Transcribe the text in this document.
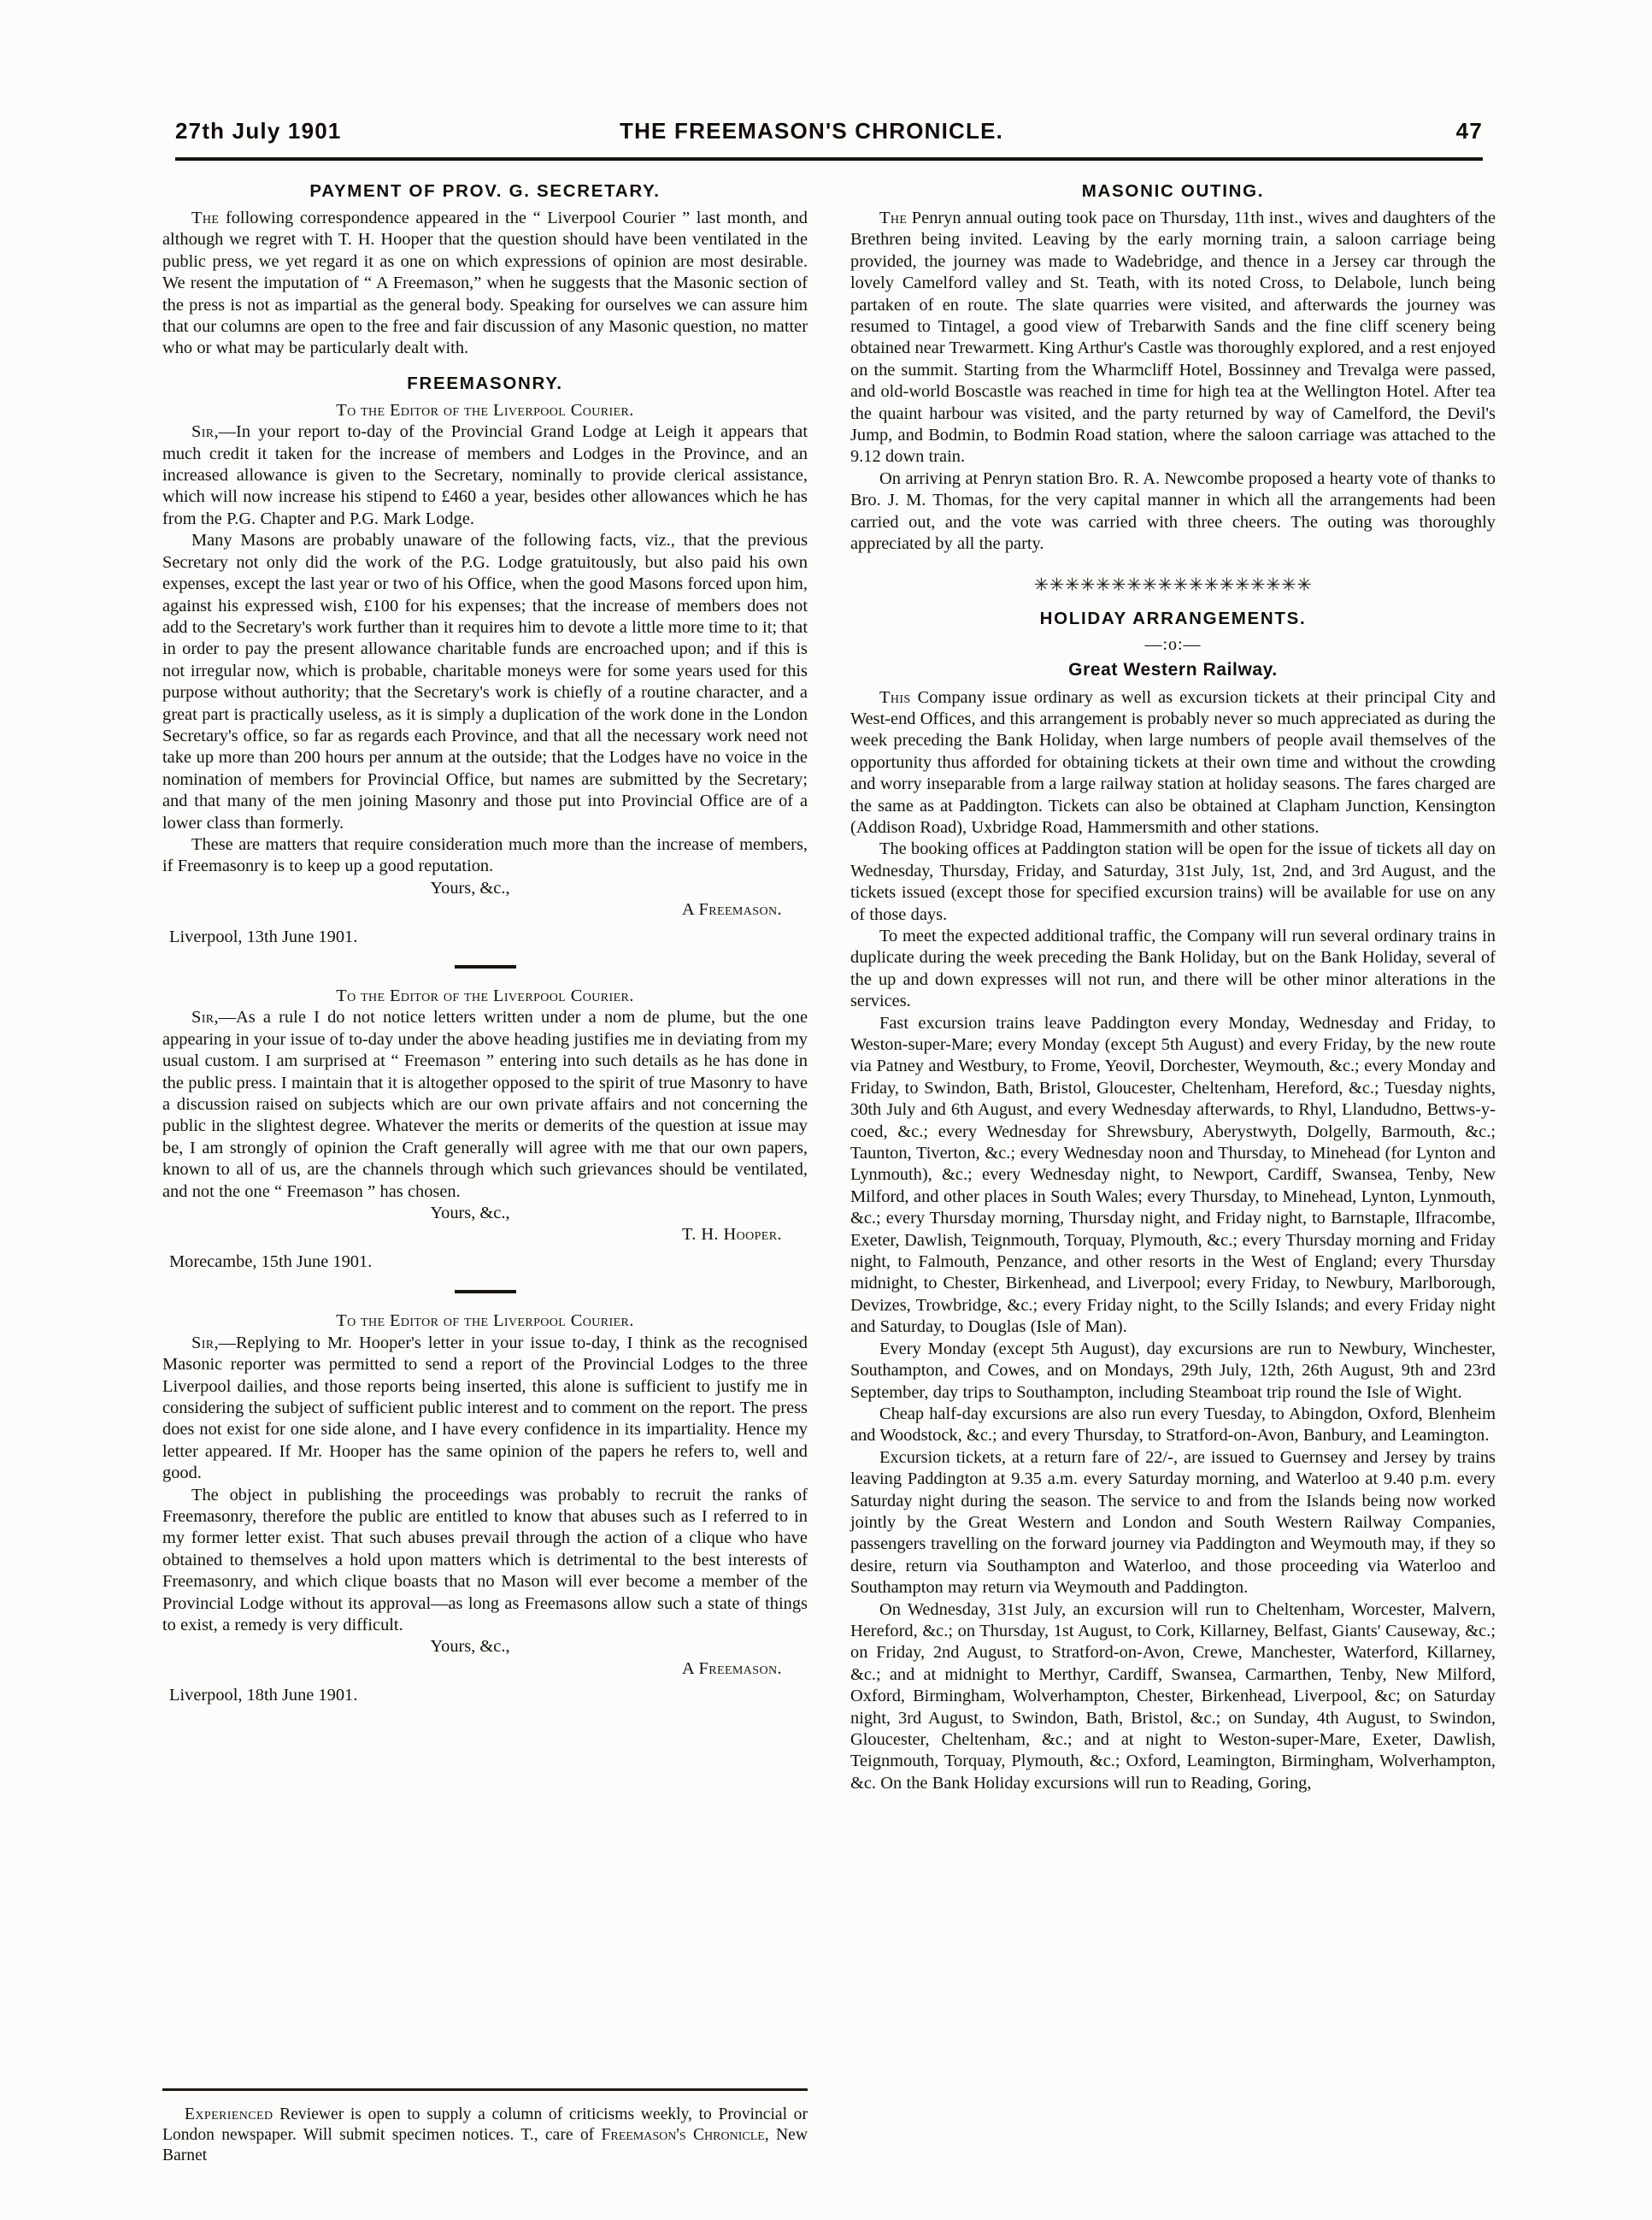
27th July 1901	THE FREEMASON'S CHRONICLE.	47
PAYMENT OF PROV. G. SECRETARY.

The following correspondence appeared in the “ Liverpool Courier ” last month, and although we regret with T. H. Hooper that the question should have been ventilated in the public press, we yet regard it as one on which expressions of opinion are most desirable. We resent the imputation of “ A Freemason,” when he suggests that the Masonic section of the press is not as impartial as the general body. Speaking for ourselves we can assure him that our columns are open to the free and fair discussion of any Masonic question, no matter who or what may be particularly dealt with.

FREEMASONRY.

To the Editor of the Liverpool Courier.

Sir,—In your report to-day of the Provincial Grand Lodge at Leigh it appears that much credit it taken for the increase of members and Lodges in the Province, and an increased allowance is given to the Secretary, nominally to provide clerical assistance, which will now increase his stipend to £460 a year, besides other allowances which he has from the P.G. Chapter and P.G. Mark Lodge.

Many Masons are probably unaware of the following facts, viz., that the previous Secretary not only did the work of the P.G. Lodge gratuitously, but also paid his own expenses, except the last year or two of his Office, when the good Masons forced upon him, against his expressed wish, £100 for his expenses; that the increase of members does not add to the Secretary's work further than it requires him to devote a little more time to it; that in order to pay the present allowance charitable funds are encroached upon; and if this is not irregular now, which is probable, charitable moneys were for some years used for this purpose without authority; that the Secretary's work is chiefly of a routine character, and a great part is practically useless, as it is simply a duplication of the work done in the London Secretary's office, so far as regards each Province, and that all the necessary work need not take up more than 200 hours per annum at the outside; that the Lodges have no voice in the nomination of members for Provincial Office, but names are submitted by the Secretary; and that many of the men joining Masonry and those put into Provincial Office are of a lower class than formerly.

These are matters that require consideration much more than the increase of members, if Freemasonry is to keep up a good reputation.

Yours, &c.,
A Freemason.

Liverpool, 13th June 1901.

To the Editor of the Liverpool Courier.

Sir,—As a rule I do not notice letters written under a nom de plume, but the one appearing in your issue of to-day under the above heading justifies me in deviating from my usual custom. I am surprised at “ Freemason ” entering into such details as he has done in the public press. I maintain that it is altogether opposed to the spirit of true Masonry to have a discussion raised on subjects which are our own private affairs and not concerning the public in the slightest degree. Whatever the merits or demerits of the question at issue may be, I am strongly of opinion the Craft generally will agree with me that our own papers, known to all of us, are the channels through which such grievances should be ventilated, and not the one “ Freemason ” has chosen.

Yours, &c.,
T. H. Hooper.

Morecambe, 15th June 1901.

To the Editor of the Liverpool Courier.

Sir,—Replying to Mr. Hooper's letter in your issue to-day, I think as the recognised Masonic reporter was permitted to send a report of the Provincial Lodges to the three Liverpool dailies, and those reports being inserted, this alone is sufficient to justify me in considering the subject of sufficient public interest and to comment on the report. The press does not exist for one side alone, and I have every confidence in its impartiality. Hence my letter appeared. If Mr. Hooper has the same opinion of the papers he refers to, well and good.

The object in publishing the proceedings was probably to recruit the ranks of Freemasonry, therefore the public are entitled to know that abuses such as I referred to in my former letter exist. That such abuses prevail through the action of a clique who have obtained to themselves a hold upon matters which is detrimental to the best interests of Freemasonry, and which clique boasts that no Mason will ever become a member of the Provincial Lodge without its approval—as long as Freemasons allow such a state of things to exist, a remedy is very difficult.

Yours, &c.,
A Freemason.

Liverpool, 18th June 1901.

Experienced Reviewer is open to supply a column of criticisms weekly, to Provincial or London newspaper. Will submit specimen notices. T., care of Freemason's Chronicle, New Barnet

MASONIC OUTING.

The Penryn annual outing took pace on Thursday, 11th inst., wives and daughters of the Brethren being invited. Leaving by the early morning train, a saloon carriage being provided, the journey was made to Wadebridge, and thence in a Jersey car through the lovely Camelford valley and St. Teath, with its noted Cross, to Delabole, lunch being partaken of en route. The slate quarries were visited, and afterwards the journey was resumed to Tintagel, a good view of Trebarwith Sands and the fine cliff scenery being obtained near Trewarmett. King Arthur's Castle was thoroughly explored, and a rest enjoyed on the summit. Starting from the Wharmcliff Hotel, Bossinney and Trevalga were passed, and old-world Boscastle was reached in time for high tea at the Wellington Hotel. After tea the quaint harbour was visited, and the party returned by way of Camelford, the Devil's Jump, and Bodmin, to Bodmin Road station, where the saloon carriage was attached to the 9.12 down train.

On arriving at Penryn station Bro. R. A. Newcombe proposed a hearty vote of thanks to Bro. J. M. Thomas, for the very capital manner in which all the arrangements had been carried out, and the vote was carried with three cheers. The outing was thoroughly appreciated by all the party.

✳✳✳✳✳✳✳✳✳✳✳✳✳✳✳✳✳✳
HOLIDAY ARRANGEMENTS.
—:o:—
Great Western Railway.

This Company issue ordinary as well as excursion tickets at their principal City and West-end Offices, and this arrangement is probably never so much appreciated as during the week preceding the Bank Holiday, when large numbers of people avail themselves of the opportunity thus afforded for obtaining tickets at their own time and without the crowding and worry inseparable from a large railway station at holiday seasons. The fares charged are the same as at Paddington. Tickets can also be obtained at Clapham Junction, Kensington (Addison Road), Uxbridge Road, Hammersmith and other stations.

The booking offices at Paddington station will be open for the issue of tickets all day on Wednesday, Thursday, Friday, and Saturday, 31st July, 1st, 2nd, and 3rd August, and the tickets issued (except those for specified excursion trains) will be available for use on any of those days.

To meet the expected additional traffic, the Company will run several ordinary trains in duplicate during the week preceding the Bank Holiday, but on the Bank Holiday, several of the up and down expresses will not run, and there will be other minor alterations in the services.

Fast excursion trains leave Paddington every Monday, Wednesday and Friday, to Weston-super-Mare; every Monday (except 5th August) and every Friday, by the new route via Patney and Westbury, to Frome, Yeovil, Dorchester, Weymouth, &c.; every Monday and Friday, to Swindon, Bath, Bristol, Gloucester, Cheltenham, Hereford, &c.; Tuesday nights, 30th July and 6th August, and every Wednesday afterwards, to Rhyl, Llandudno, Bettws-y-coed, &c.; every Wednesday for Shrewsbury, Aberystwyth, Dolgelly, Barmouth, &c.; Taunton, Tiverton, &c.; every Wednesday noon and Thursday, to Minehead (for Lynton and Lynmouth), &c.; every Wednesday night, to Newport, Cardiff, Swansea, Tenby, New Milford, and other places in South Wales; every Thursday, to Minehead, Lynton, Lynmouth, &c.; every Thursday morning, Thursday night, and Friday night, to Barnstaple, Ilfracombe, Exeter, Dawlish, Teignmouth, Torquay, Plymouth, &c.; every Thursday morning and Friday night, to Falmouth, Penzance, and other resorts in the West of England; every Thursday midnight, to Chester, Birkenhead, and Liverpool; every Friday, to Newbury, Marlborough, Devizes, Trowbridge, &c.; every Friday night, to the Scilly Islands; and every Friday night and Saturday, to Douglas (Isle of Man).

Every Monday (except 5th August), day excursions are run to Newbury, Winchester, Southampton, and Cowes, and on Mondays, 29th July, 12th, 26th August, 9th and 23rd September, day trips to Southampton, including Steamboat trip round the Isle of Wight.

Cheap half-day excursions are also run every Tuesday, to Abingdon, Oxford, Blenheim and Woodstock, &c.; and every Thursday, to Stratford-on-Avon, Banbury, and Leamington.

Excursion tickets, at a return fare of 22/-, are issued to Guernsey and Jersey by trains leaving Paddington at 9.35 a.m. every Saturday morning, and Waterloo at 9.40 p.m. every Saturday night during the season. The service to and from the Islands being now worked jointly by the Great Western and London and South Western Railway Companies, passengers travelling on the forward journey via Paddington and Weymouth may, if they so desire, return via Southampton and Waterloo, and those proceeding via Waterloo and Southampton may return via Weymouth and Paddington.

On Wednesday, 31st July, an excursion will run to Cheltenham, Worcester, Malvern, Hereford, &c.; on Thursday, 1st August, to Cork, Killarney, Belfast, Giants' Causeway, &c.; on Friday, 2nd August, to Stratford-on-Avon, Crewe, Manchester, Waterford, Killarney, &c.; and at midnight to Merthyr, Cardiff, Swansea, Carmarthen, Tenby, New Milford, Oxford, Birmingham, Wolverhampton, Chester, Birkenhead, Liverpool, &c; on Saturday night, 3rd August, to Swindon, Bath, Bristol, &c.; on Sunday, 4th August, to Swindon, Gloucester, Cheltenham, &c.; and at night to Weston-super-Mare, Exeter, Dawlish, Teignmouth, Torquay, Plymouth, &c.; Oxford, Leamington, Birmingham, Wolverhampton, &c. On the Bank Holiday excursions will run to Reading, Goring,
